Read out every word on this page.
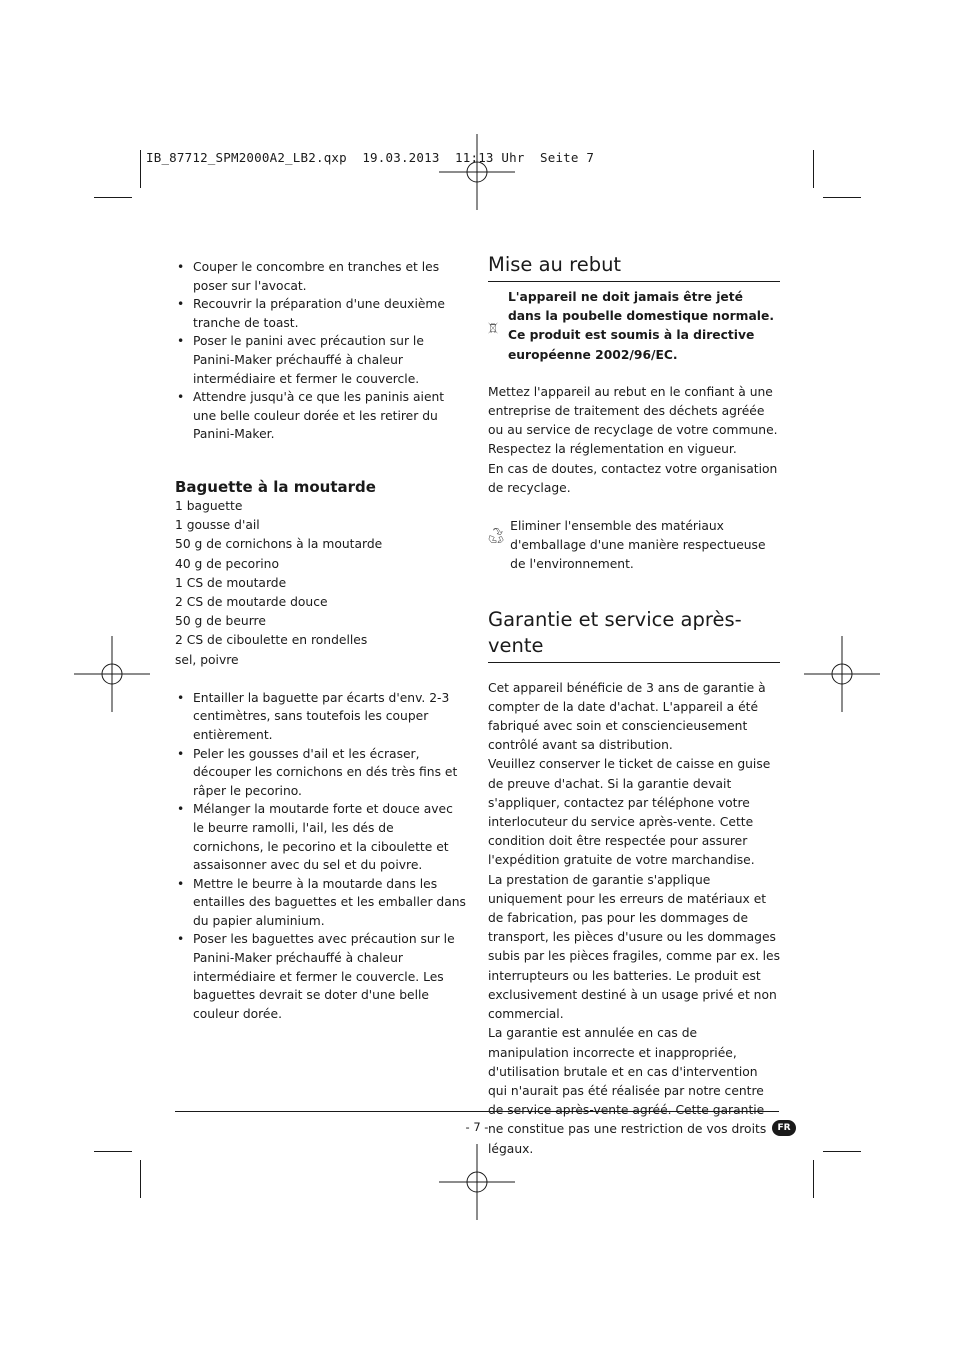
IB_87712_SPM2000A2_LB2.qxp  19.03.2013  11:13 Uhr  Seite 7
• Couper le concombre en tranches et les poser sur l'avocat.
• Recouvrir la préparation d'une deuxième tranche de toast.
• Poser le panini avec précaution sur le Panini-Maker préchauffé à chaleur intermédiaire et fermer le couvercle.
• Attendre jusqu'à ce que les paninis aient une belle couleur dorée et les retirer du Panini-Maker.
Baguette à la moutarde
1 baguette
1 gousse d'ail
50 g de cornichons à la moutarde
40 g de pecorino
1 CS de moutarde
2 CS de moutarde douce
50 g de beurre
2 CS de ciboulette en rondelles
sel, poivre
• Entailler la baguette par écarts d'env. 2-3 centimètres, sans toutefois les couper entièrement.
• Peler les gousses d'ail et les écraser, découper les cornichons en dés très fins et râper le pecorino.
• Mélanger la moutarde forte et douce avec le beurre ramolli, l'ail, les dés de cornichons, le pecorino et la ciboulette et assaisonner avec du sel et du poivre.
• Mettre le beurre à la moutarde dans les entailles des baguettes et les emballer dans du papier aluminium.
• Poser les baguettes avec précaution sur le Panini-Maker préchauffé à chaleur intermédiaire et fermer le couvercle. Les baguettes devrait se doter d'une belle couleur dorée.
Mise au rebut
L'appareil ne doit jamais être jeté dans la poubelle domestique normale. Ce produit est soumis à la directive européenne 2002/96/EC.

Mettez l'appareil au rebut en le confiant à une entreprise de traitement des déchets agréée ou au service de recyclage de votre commune.

Respectez la réglementation en vigueur.

En cas de doutes, contactez votre organisation de recyclage.

Eliminer l'ensemble des matériaux d'emballage d'une manière respectueuse de l'environnement.
Garantie et service après-vente

Cet appareil bénéficie de 3 ans de garantie à compter de la date d'achat. L'appareil a été fabriqué avec soin et consciencieusement contrôlé avant sa distribution.

Veuillez conserver le ticket de caisse en guise de preuve d'achat. Si la garantie devait s'appliquer, contactez par téléphone votre interlocuteur du service après-vente. Cette condition doit être respectée pour assurer l'expédition gratuite de votre marchandise.

La prestation de garantie s'applique uniquement pour les erreurs de matériaux et de fabrication, pas pour les dommages de transport, les pièces d'usure ou les dommages subis par les pièces fragiles, comme par ex. les interrupteurs ou les batteries. Le produit est exclusivement destiné à un usage privé et non commercial.

La garantie est annulée en cas de manipulation incorrecte et inappropriée, d'utilisation brutale et en cas d'intervention qui n'aurait pas été réalisée par notre centre ne constitue pas une restriction de vos droits légaux.

- 7 -	FR
